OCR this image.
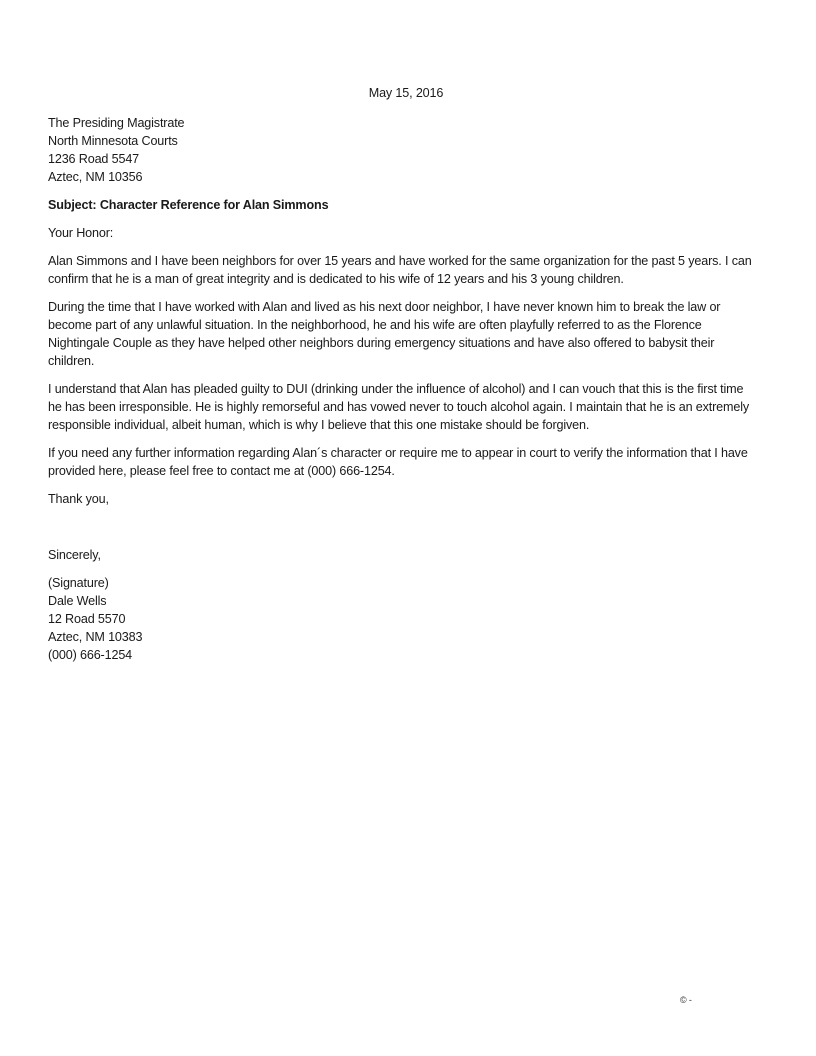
May 15, 2016
The Presiding Magistrate
North Minnesota Courts
1236 Road 5547
Aztec, NM 10356
Subject: Character Reference for Alan Simmons
Your Honor:

Alan Simmons and I have been neighbors for over 15 years and have worked for the same organization for the past 5 years. I can confirm that he is a man of great integrity and is dedicated to his wife of 12 years and his 3 young children.

During the time that I have worked with Alan and lived as his next door neighbor, I have never known him to break the law or become part of any unlawful situation. In the neighborhood, he and his wife are often playfully referred to as the Florence Nightingale Couple as they have helped other neighbors during emergency situations and have also offered to babysit their children.

I understand that Alan has pleaded guilty to DUI (drinking under the influence of alcohol) and I can vouch that this is the first time he has been irresponsible. He is highly remorseful and has vowed never to touch alcohol again. I maintain that he is an extremely responsible individual, albeit human, which is why I believe that this one mistake should be forgiven.

If you need any further information regarding Alan´s character or require me to appear in court to verify the information that I have provided here, please feel free to contact me at (000) 666-1254.

Thank you,
Sincerely,
(Signature)
Dale Wells
12 Road 5570
Aztec, NM 10383
(000) 666-1254
© -
